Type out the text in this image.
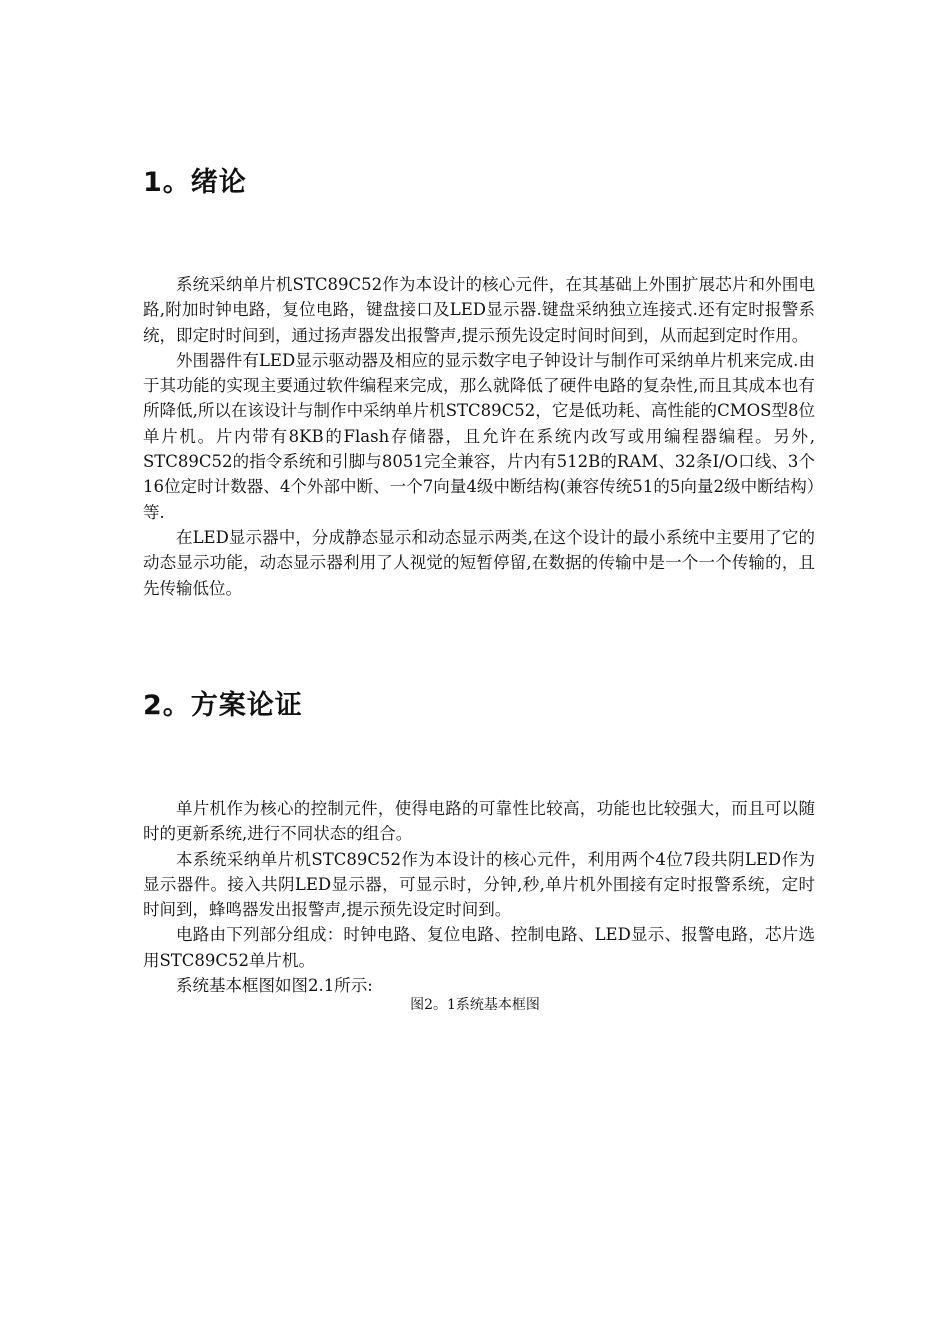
1。绪论

系统采纳单片机STC89C52作为本设计的核心元件，在其基础上外围扩展芯片和外围电路,附加时钟电路，复位电路，键盘接口及LED显示器.键盘采纳独立连接式.还有定时报警系统，即定时时间到，通过扬声器发出报警声,提示预先设定时间时间到，从而起到定时作用。

外围器件有LED显示驱动器及相应的显示数字电子钟设计与制作可采纳单片机来完成.由于其功能的实现主要通过软件编程来完成，那么就降低了硬件电路的复杂性,而且其成本也有所降低,所以在该设计与制作中采纳单片机STC89C52，它是低功耗、高性能的CMOS型8位单片机。片内带有8KB的Flash存储器，且允许在系统内改写或用编程器编程。另外, STC89C52的指令系统和引脚与8051完全兼容，片内有512B的RAM、32条I/O口线、3个16位定时计数器、4个外部中断、一个7向量4级中断结构(兼容传统51的5向量2级中断结构）等.

在LED显示器中，分成静态显示和动态显示两类,在这个设计的最小系统中主要用了它的动态显示功能，动态显示器利用了人视觉的短暂停留,在数据的传输中是一个一个传输的，且先传输低位。

2。方案论证

单片机作为核心的控制元件，使得电路的可靠性比较高，功能也比较强大，而且可以随时的更新系统,进行不同状态的组合。

本系统采纳单片机STC89C52作为本设计的核心元件，利用两个4位7段共阴LED作为显示器件。接入共阴LED显示器，可显示时，分钟,秒,单片机外围接有定时报警系统，定时时间到，蜂鸣器发出报警声,提示预先设定时间到。

电路由下列部分组成：时钟电路、复位电路、控制电路、LED显示、报警电路，芯片选用STC89C52单片机。

系统基本框图如图2.1所示:

图2。1系统基本框图
